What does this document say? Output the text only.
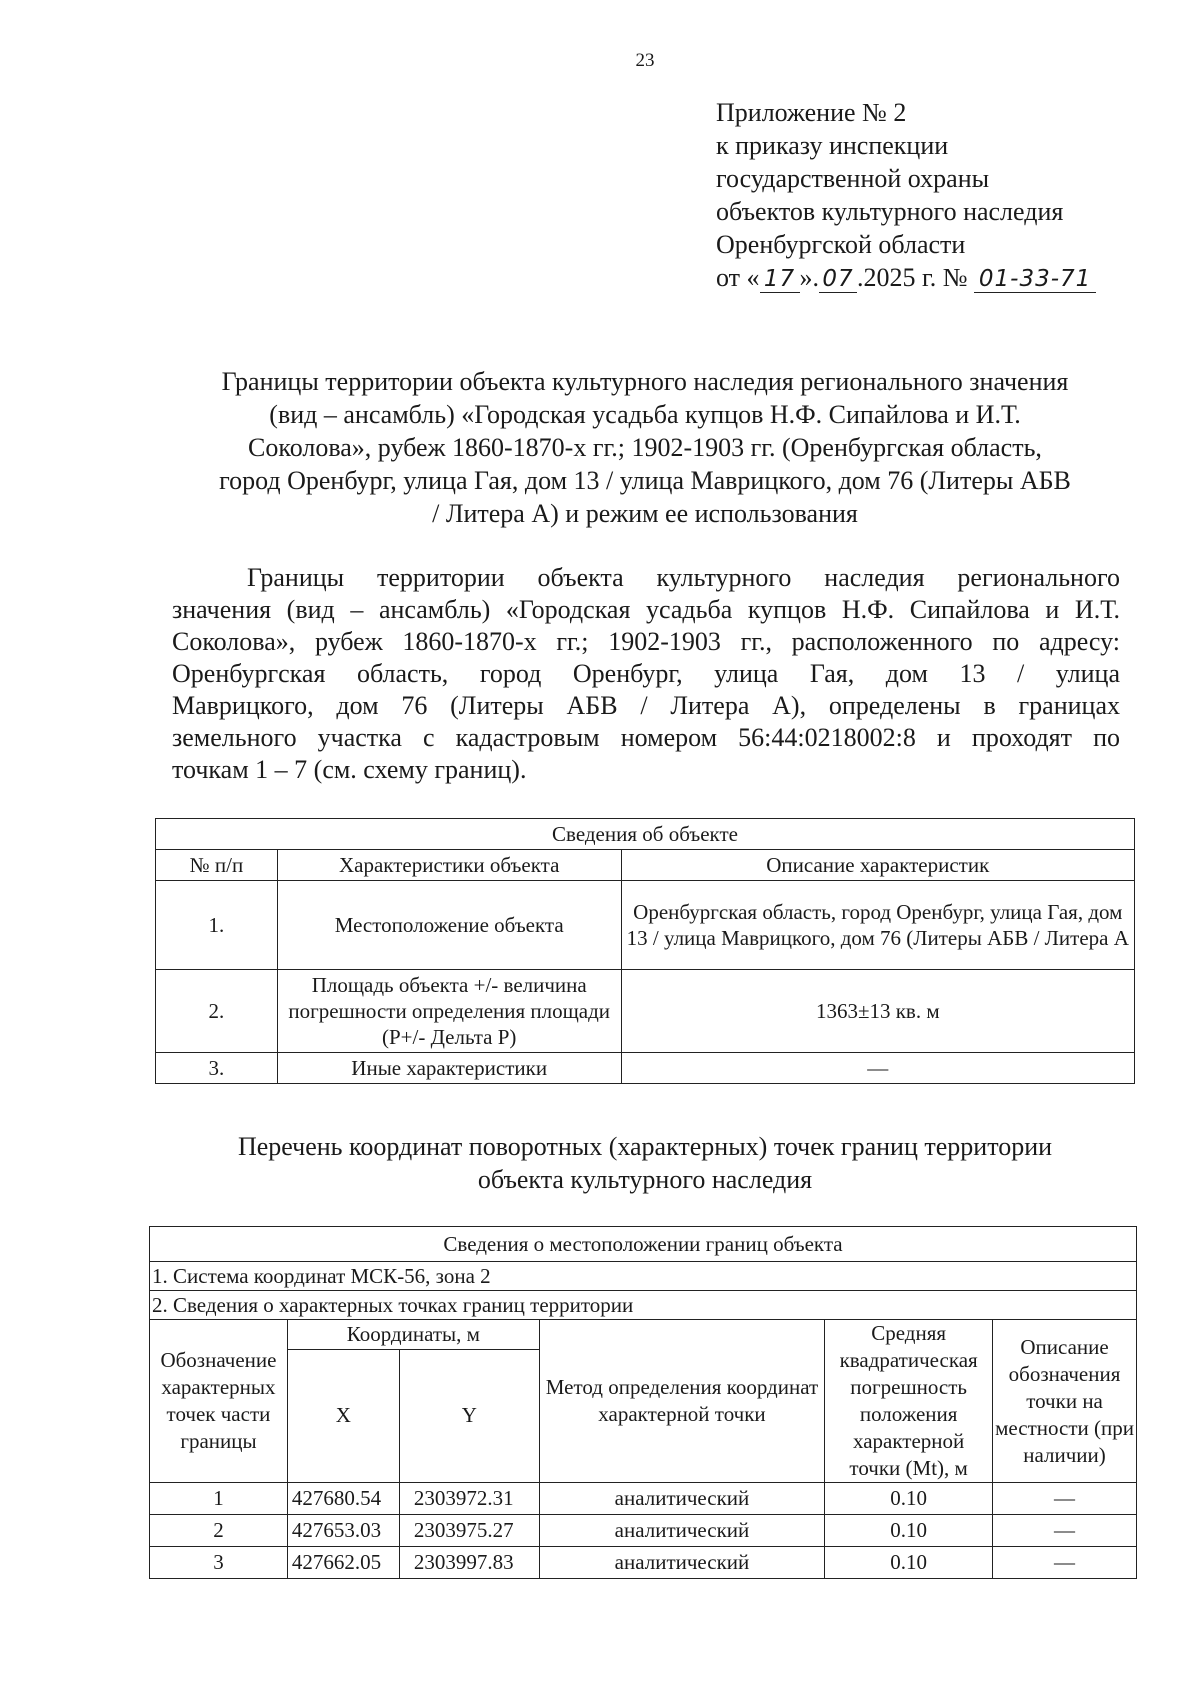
23
Приложение № 2
к приказу инспекции
государственной охраны
объектов культурного наследия
Оренбургской области
от « 17 ». 07 .2025 г. № 01-33-71
Границы территории объекта культурного наследия регионального значения
(вид – ансамбль) «Городская усадьба купцов Н.Ф. Сипайлова и И.Т.
Соколова», рубеж 1860-1870-х гг.; 1902-1903 гг. (Оренбургская область,
город Оренбург, улица Гая, дом 13 / улица Маврицкого, дом 76 (Литеры АБВ
/ Литера А) и режим ее использования
Границы территории объекта культурного наследия регионального
значения (вид – ансамбль) «Городская усадьба купцов Н.Ф. Сипайлова и И.Т.
Соколова», рубеж 1860-1870-х гг.; 1902-1903 гг., расположенного по адресу:
Оренбургская область, город Оренбург, улица Гая, дом 13 / улица
Маврицкого, дом 76 (Литеры АБВ / Литера А), определены в границах
земельного участка с кадастровым номером 56:44:0218002:8 и проходят по
точкам 1 – 7 (см. схему границ).
Сведения об объекте		
№ п/п	Характеристики объекта	Описание характеристик
1.	Местоположение объекта	Оренбургская область, город Оренбург, улица Гая, дом 13 / улица Маврицкого, дом 76 (Литеры АБВ / Литера А
2.	Площадь объекта +/- величина погрешности определения площади (P+/- Дельта P)	1363±13 кв. м
3.	Иные характеристики	—
Перечень координат поворотных (характерных) точек границ территории
объекта культурного наследия
Сведения о местоположении границ объекта					
1. Система координат МСК-56, зона 2					
2. Сведения о характерных точках границ территории					
Обозначение характерных точек части границы	Координаты, м		Метод определения координат характерной точки	Средняя квадратическая погрешность положения характерной точки (Mt), м	Описание обозначения точки на местности (при наличии)
	X	Y			
1	427680.54	2303972.31	аналитический	0.10	—
2	427653.03	2303975.27	аналитический	0.10	—
3	427662.05	2303997.83	аналитический	0.10	—
